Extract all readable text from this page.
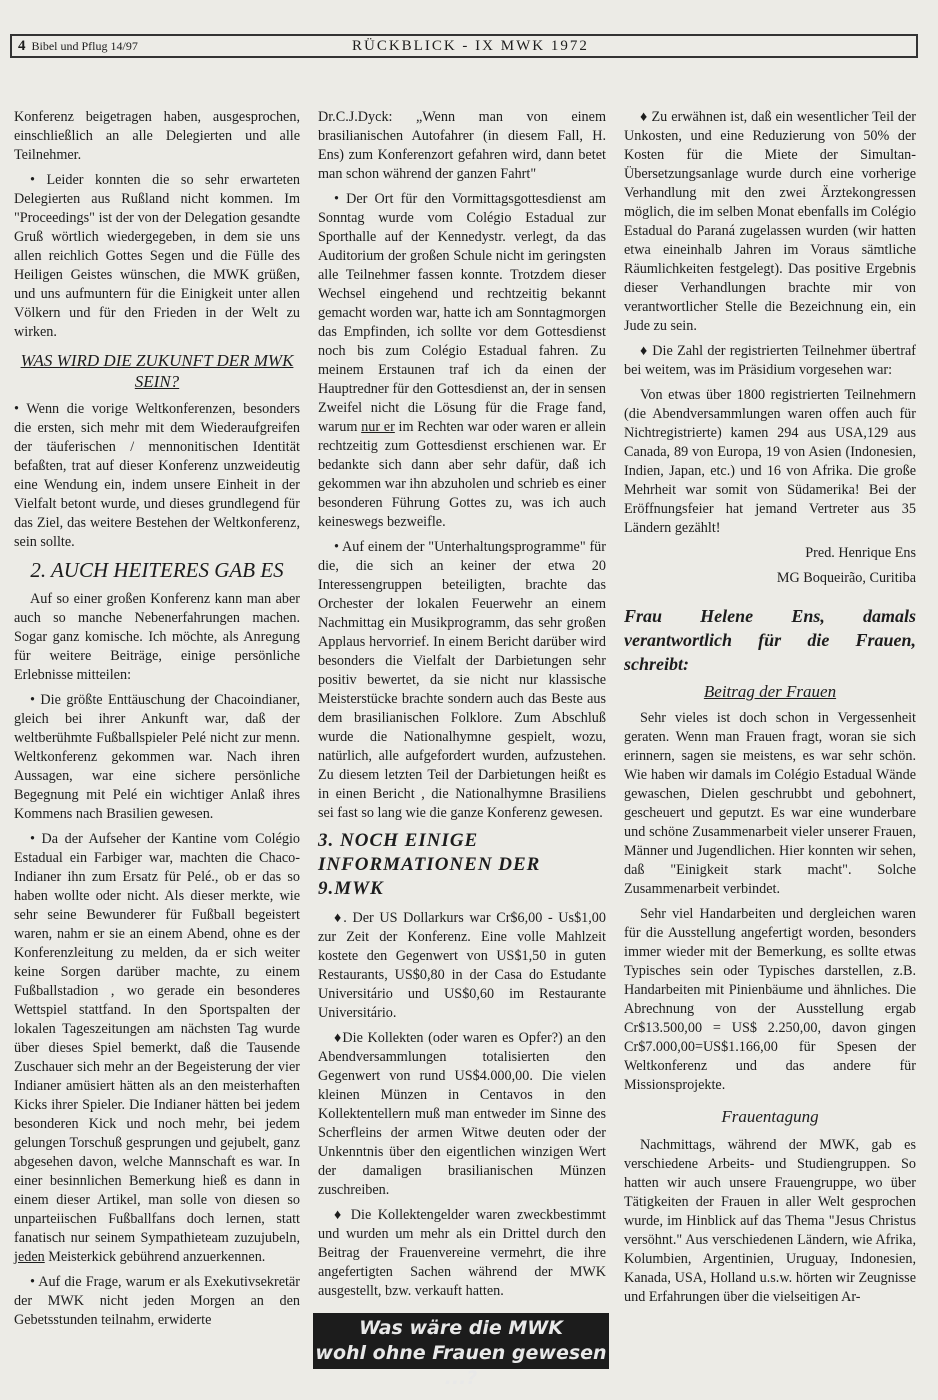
4 Bibel und Pflug 14/97	RÜCKBLICK - IX MWK 1972

Konferenz beigetragen haben, ausgesprochen, einschließlich an alle Delegierten und alle Teilnehmer.

• Leider konnten die so sehr erwarteten Delegierten aus Rußland nicht kommen. Im "Proceedings" ist der von der Delegation gesandte Gruß wörtlich wiedergegeben, in dem sie uns allen reichlich Gottes Segen und die Fülle des Heiligen Geistes wünschen, die MWK grüßen, und uns aufmuntern für die Einigkeit unter allen Völkern und für den Frieden in der Welt zu wirken.

WAS WIRD DIE ZUKUNFT DER MWK SEIN?

• Wenn die vorige Weltkonferenzen, besonders die ersten, sich mehr mit dem Wiederaufgreifen der täuferischen / mennonitischen Identität befaßten, trat auf dieser Konferenz unzweideutig eine Wendung ein, indem unsere Einheit in der Vielfalt betont wurde, und dieses grundlegend für das Ziel, das weitere Bestehen der Weltkonferenz, sein sollte.

2. AUCH HEITERES GAB ES

Auf so einer großen Konferenz kann man aber auch so manche Nebenerfahrungen machen. Sogar ganz komische. Ich möchte, als Anregung für weitere Beiträge, einige persönliche Erlebnisse mitteilen:

• Die größte Enttäuschung der Chacoindianer, gleich bei ihrer Ankunft war, daß der weltberühmte Fußballspieler Pelé nicht zur menn. Weltkonferenz gekommen war. Nach ihren Aussagen, war eine sichere persönliche Begegnung mit Pelé ein wichtiger Anlaß ihres Kommens nach Brasilien gewesen.

• Da der Aufseher der Kantine vom Colégio Estadual ein Farbiger war, machten die Chaco-Indianer ihn zum Ersatz für Pelé., ob er das so haben wollte oder nicht. Als dieser merkte, wie sehr seine Bewunderer für Fußball begeistert waren, nahm er sie an einem Abend, ohne es der Konferenzleitung zu melden, da er sich weiter keine Sorgen darüber machte, zu einem Fußballstadion , wo gerade ein besonderes Wettspiel stattfand. In den Sportspalten der lokalen Tageszeitungen am nächsten Tag wurde über dieses Spiel bemerkt, daß die Tausende Zuschauer sich mehr an der Begeisterung der vier Indianer amüsiert hätten als an den meisterhaften Kicks ihrer Spieler. Die Indianer hätten bei jedem besonderen Kick und noch mehr, bei jedem gelungen Torschuß gesprungen und gejubelt, ganz abgesehen davon, welche Mannschaft es war. In einer besinnlichen Bemerkung hieß es dann in einem dieser Artikel, man solle von diesen so unparteiischen Fußballfans doch lernen, statt fanatisch nur seinem Sympathieteam zuzujubeln, jeden Meisterkick gebührend anzuerkennen.

• Auf die Frage, warum er als Exekutivsekretär der MWK nicht jeden Morgen an den Gebetsstunden teilnahm, erwiderte

Dr.C.J.Dyck: „Wenn man von einem brasilianischen Autofahrer (in diesem Fall, H. Ens) zum Konferenzort gefahren wird, dann betet man schon während der ganzen Fahrt"

• Der Ort für den Vormittagsgottesdienst am Sonntag wurde vom Colégio Estadual zur Sporthalle auf der Kennedystr. verlegt, da das Auditorium der großen Schule nicht im geringsten alle Teilnehmer fassen konnte. Trotzdem dieser Wechsel eingehend und rechtzeitig bekannt gemacht worden war, hatte ich am Sonntagmorgen das Empfinden, ich sollte vor dem Gottesdienst noch bis zum Colégio Estadual fahren. Zu meinem Erstaunen traf ich da einen der Hauptredner für den Gottesdienst an, der in sensen Zweifel nicht die Lösung für die Frage fand, warum nur er im Rechten war oder waren er allein rechtzeitig zum Gottesdienst erschienen war. Er bedankte sich dann aber sehr dafür, daß ich gekommen war ihn abzuholen und schrieb es einer besonderen Führung Gottes zu, was ich auch keineswegs bezweifle.

• Auf einem der "Unterhaltungsprogramme" für die, die sich an keiner der etwa 20 Interessengruppen beteiligten, brachte das Orchester der lokalen Feuerwehr an einem Nachmittag ein Musikprogramm, das sehr großen Applaus hervorrief. In einem Bericht darüber wird besonders die Vielfalt der Darbietungen sehr positiv bewertet, da sie nicht nur klassische Meisterstücke brachte sondern auch das Beste aus dem brasilianischen Folklore. Zum Abschluß wurde die Nationalhymne gespielt, wozu, natürlich, alle aufgefordert wurden, aufzustehen. Zu diesem letzten Teil der Darbietungen heißt es in einen Bericht , die Nationalhymne Brasiliens sei fast so lang wie die ganze Konferenz gewesen.

3. NOCH EINIGE INFORMATIONEN DER 9.MWK

♦. Der US Dollarkurs war Cr$6,00 - Us$1,00 zur Zeit der Konferenz. Eine volle Mahlzeit kostete den Gegenwert von US$1,50 in guten Restaurants, US$0,80 in der Casa do Estudante Universitário und US$0,60 im Restaurante Universitário.

♦Die Kollekten (oder waren es Opfer?) an den Abendversammlungen totalisierten den Gegenwert von rund US$4.000,00. Die vielen kleinen Münzen in Centavos in den Kollektentellern muß man entweder im Sinne des Scherfleins der armen Witwe deuten oder der Unkenntnis über den eigentlichen winzigen Wert der damaligen brasilianischen Münzen zuschreiben.

♦ Die Kollektengelder waren zweckbestimmt und wurden um mehr als ein Drittel durch den Beitrag der Frauenvereine vermehrt, die ihre angefertigten Sachen während der MWK ausgestellt, bzw. verkauft hatten.

Was wäre die MWK
wohl ohne Frauen gewesen ...?

♦ Zu erwähnen ist, daß ein wesentlicher Teil der Unkosten, und eine Reduzierung von 50% der Kosten für die Miete der Simultan-Übersetzungsanlage wurde durch eine vorherige Verhandlung mit den zwei Ärztekongressen möglich, die im selben Monat ebenfalls im Colégio Estadual do Paraná zugelassen wurden (wir hatten etwa eineinhalb Jahren im Voraus sämtliche Räumlichkeiten festgelegt). Das positive Ergebnis dieser Verhandlungen brachte mir von verantwortlicher Stelle die Bezeichnung ein, ein Jude zu sein.

♦ Die Zahl der registrierten Teilnehmer übertraf bei weitem, was im Präsidium vorgesehen war:

Von etwas über 1800 registrierten Teilnehmern (die Abendversammlungen waren offen auch für Nichtregistrierte) kamen 294 aus USA,129 aus Canada, 89 von Europa, 19 von Asien (Indonesien, Indien, Japan, etc.) und 16 von Afrika. Die große Mehrheit war somit von Südamerika! Bei der Eröffnungsfeier hat jemand Vertreter aus 35 Ländern gezählt!

Pred. Henrique Ens

MG Boqueirão, Curitiba

Frau Helene Ens, damals verantwortlich für die Frauen, schreibt:
Beitrag der Frauen

Sehr vieles ist doch schon in Vergessenheit geraten. Wenn man Frauen fragt, woran sie sich erinnern, sagen sie meistens, es war sehr schön. Wie haben wir damals im Colégio Estadual Wände gewaschen, Dielen geschrubbt und gebohnert, gescheuert und geputzt. Es war eine wunderbare und schöne Zusammenarbeit vieler unserer Frauen, Männer und Jugendlichen. Hier konnten wir sehen, daß "Einigkeit stark macht". Solche Zusammenarbeit verbindet.

Sehr viel Handarbeiten und dergleichen waren für die Ausstellung angefertigt worden, besonders immer wieder mit der Bemerkung, es sollte etwas Typisches sein oder Typisches darstellen, z.B. Handarbeiten mit Pinienbäume und ähnliches. Die Abrechnung von der Ausstellung ergab Cr$13.500,00 = US$ 2.250,00, davon gingen Cr$7.000,00=US$1.166,00 für Spesen der Weltkonferenz und das andere für Missionsprojekte.

Frauentagung

Nachmittags, während der MWK, gab es verschiedene Arbeits- und Studiengruppen. So hatten wir auch unsere Frauengruppe, wo über Tätigkeiten der Frauen in aller Welt gesprochen wurde, im Hinblick auf das Thema "Jesus Christus versöhnt." Aus verschiedenen Ländern, wie Afrika, Kolumbien, Argentinien, Uruguay, Indonesien, Kanada, USA, Holland u.s.w. hörten wir Zeugnisse und Erfahrungen über die vielseitigen Ar-
